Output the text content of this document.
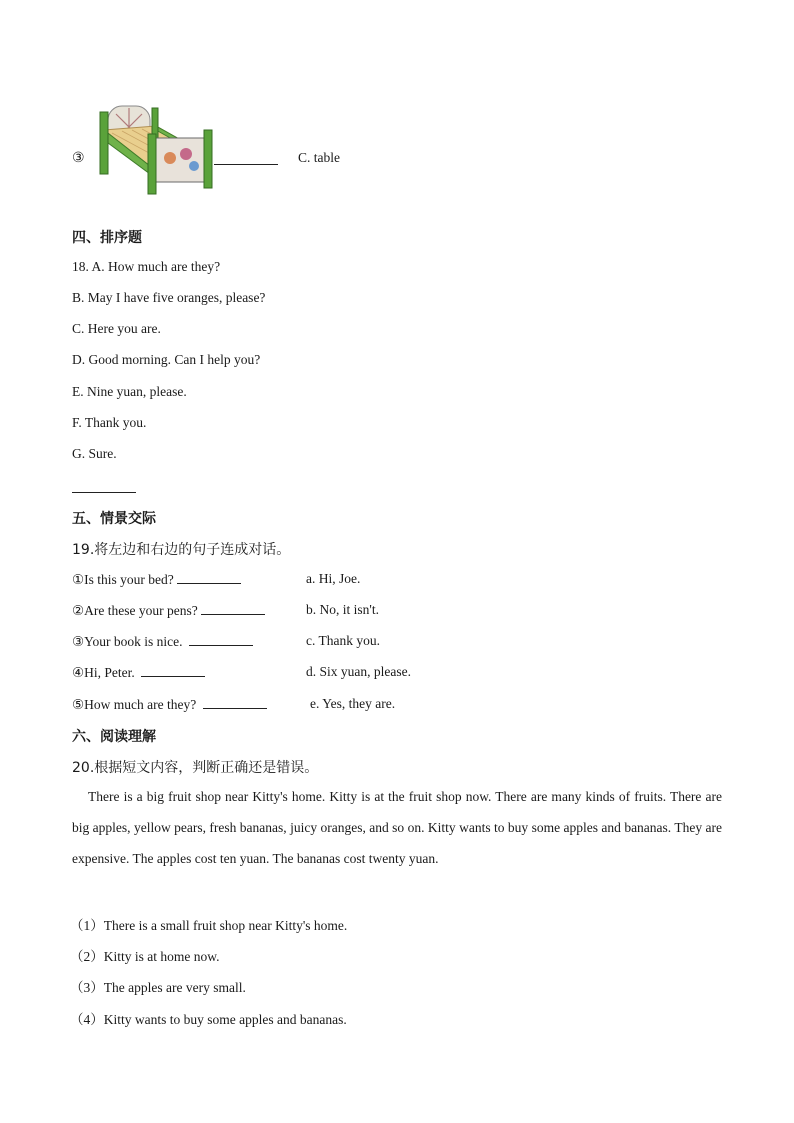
③	C. table
四、排序题
18. A. How much are they?
B. May I have five oranges, please?
C. Here you are.
D. Good morning. Can I help you?
E. Nine yuan, please.
F. Thank you.
G. Sure.
五、情景交际
19.将左边和右边的句子连成对话。
①Is this your bed?
②Are these your pens?
③Your book is nice.
④Hi, Peter.
⑤How much are they?
a. Hi, Joe.
b. No, it isn't.
c. Thank you.
d. Six yuan, please.
e. Yes, they are.
六、阅读理解
20.根据短文内容，判断正确还是错误。
There is a big fruit shop near Kitty's home. Kitty is at the fruit shop now. There are many kinds of fruits. There are big apples, yellow pears, fresh bananas, juicy oranges, and so on. Kitty wants to buy some apples and bananas. They are expensive. The apples cost ten yuan. The bananas cost twenty yuan.
（1）There is a small fruit shop near Kitty's home.
（2）Kitty is at home now.
（3）The apples are very small.
（4）Kitty wants to buy some apples and bananas.
